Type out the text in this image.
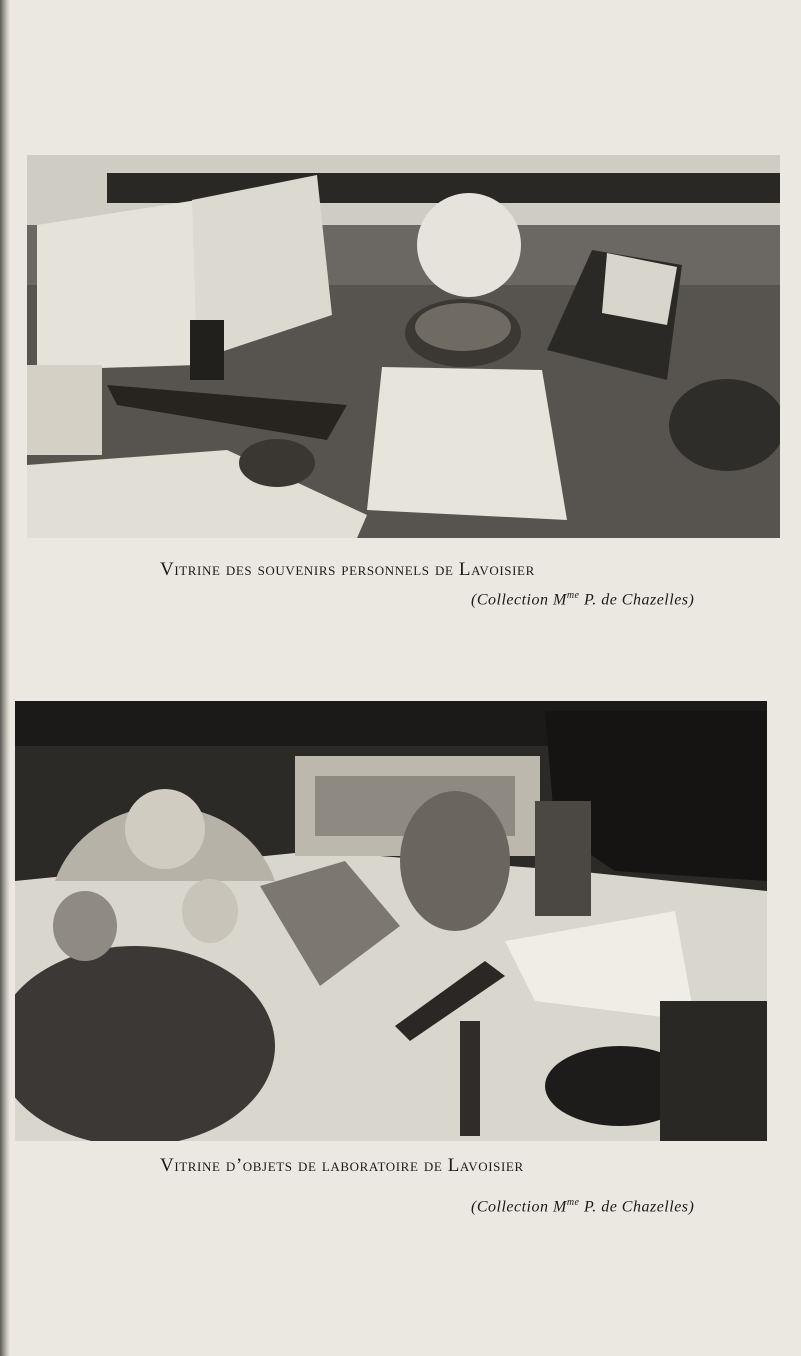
Vitrine des souvenirs personnels de Lavoisier
(Collection $M^{me}$ P. de Chazelles)
Vitrine d’objets de laboratoire de Lavoisier
(Collection $M^{me}$ P. de Chazelles)
